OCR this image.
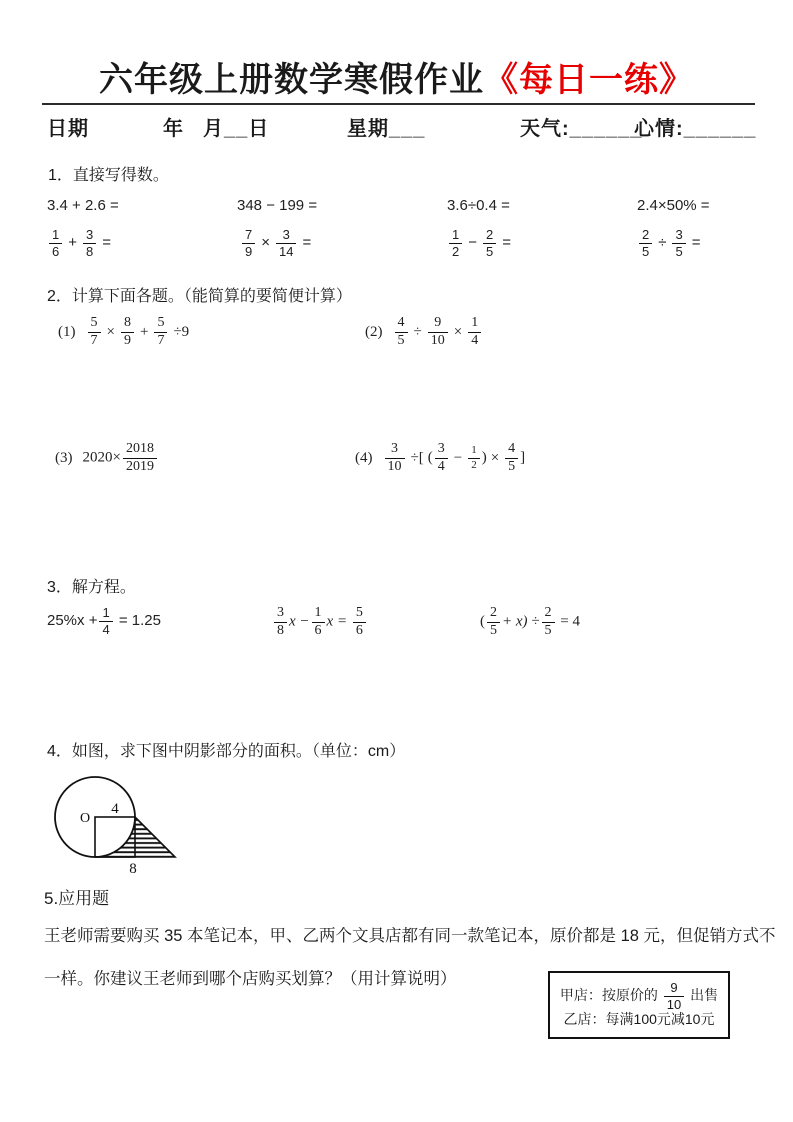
六年级上册数学寒假作业《每日一练》
日期	年 月__日	星期___	天气:______
心情:______
1．直接写得数。
3.4 + 2.6 =	348 − 199 =	3.6÷0.4 =	2.4×50% =
$\frac{1}{6} + \frac{3}{8}$ =	$\frac{7}{9} \times \frac{3}{14}$ =	$\frac{1}{2} - \frac{2}{5}$ =	$\frac{2}{5} \div \frac{3}{5}$ =
2．计算下面各题。（能简算的要简便计算）
$(1) \frac{5}{7} \times \frac{8}{9} + \frac{5}{7} \div 9$	$(2) \frac{4}{5} \div \frac{9}{10} \times \frac{1}{4}$
(3) $2020\times \frac{2018}{2019}$	$(4) \frac{3}{10}$ ÷[ ( $\frac{3}{4} - \frac{1}{2}$ ) × $\frac{4}{5}$ ]
3．解方程。
$25\%x + \frac{1}{4} = 1.25$	$\frac{3}{8}$ $x - \frac{1}{6}$ $x = \frac{5}{6}$	( $\frac{2}{5} + x) \div \frac{2}{5} = 4$
4．如图，求下图中阴影部分的面积。（单位：cm）
O
4
8
5.应用题
王老师需要购买 35 本笔记本，甲、乙两个文具店都有同一款笔记本，原价都是 18 元，但促销方式不
一样。你建议王老师到哪个店购买划算？（用计算说明）
甲店：按原价的 $\frac{9}{10}$ 出售
乙店：每满100元减10元
